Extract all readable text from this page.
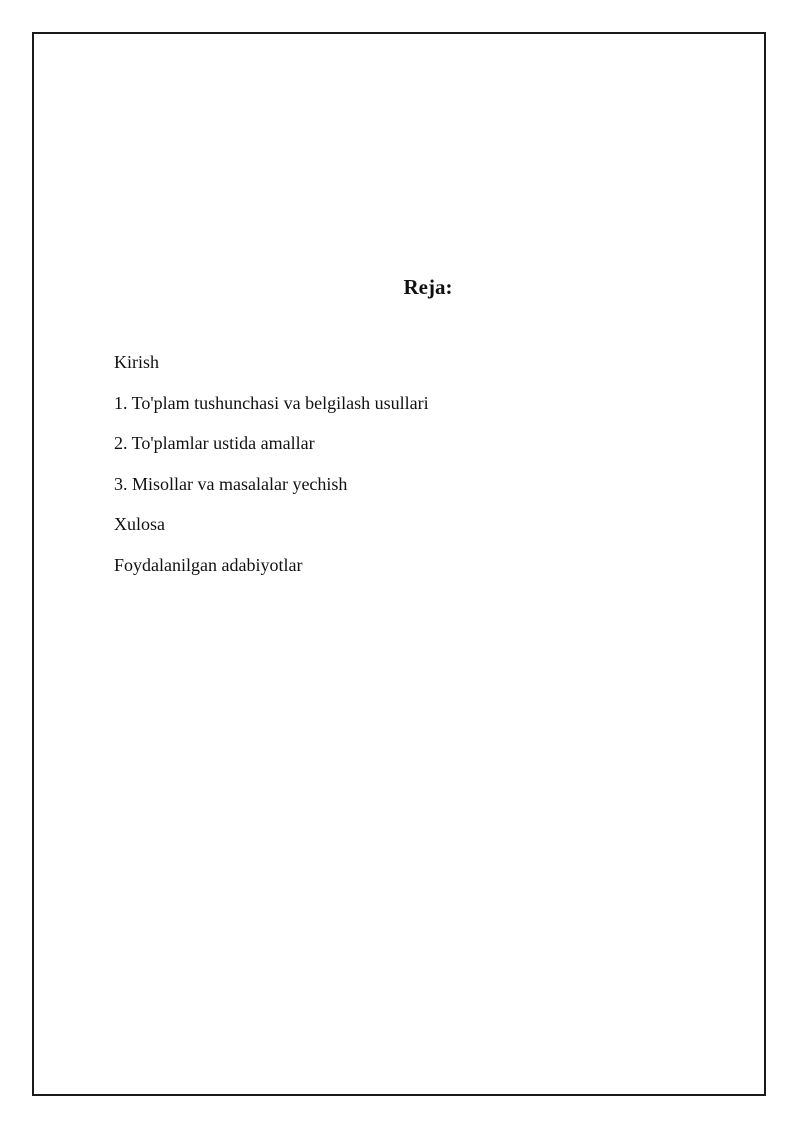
Reja:
Kirish
1. To'plam tushunchasi va belgilash usullari
2. To'plamlar ustida amallar
3. Misollar va masalalar yechish
Xulosa
Foydalanilgan adabiyotlar
